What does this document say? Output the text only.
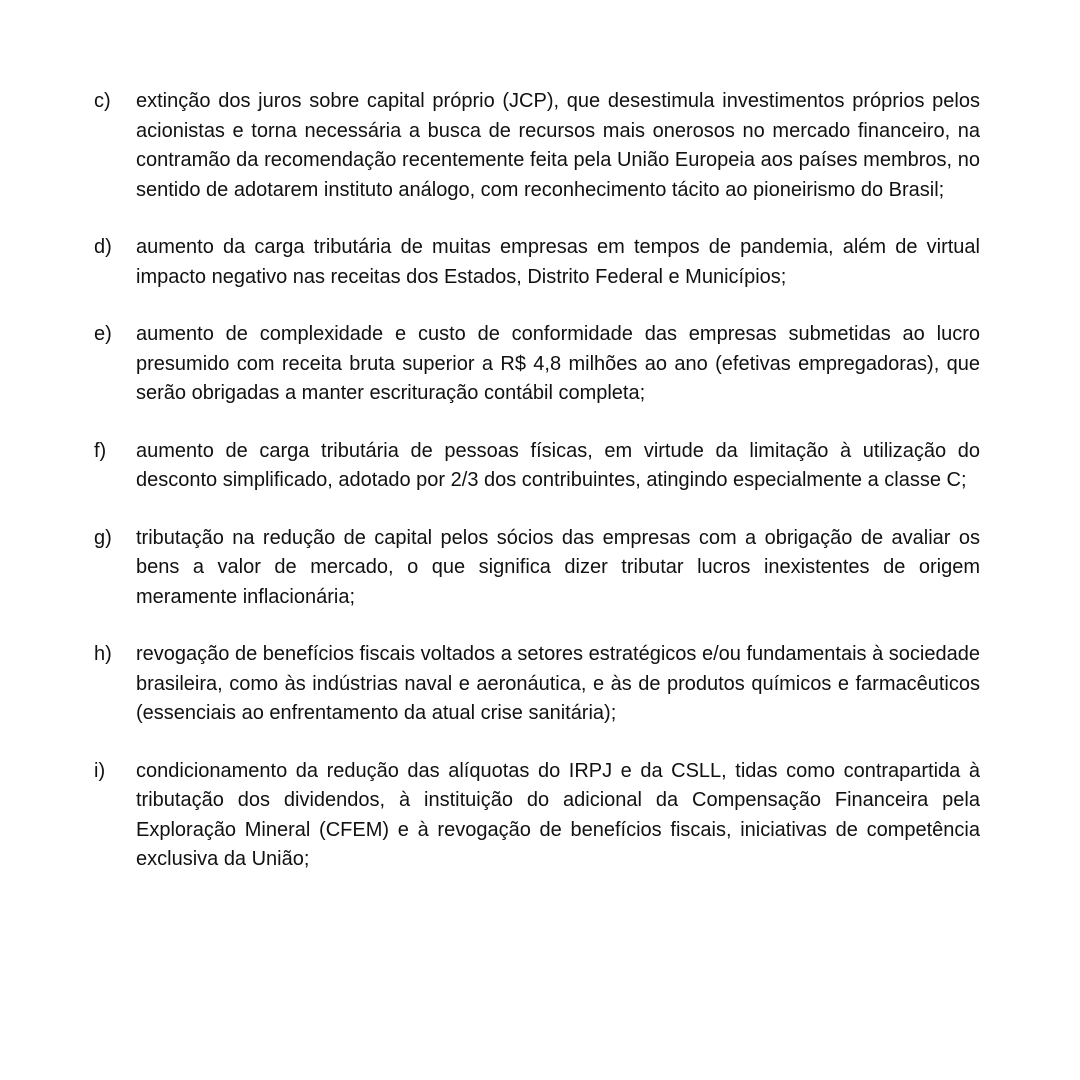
c)	extinção dos juros sobre capital próprio (JCP), que desestimula investimentos próprios pelos acionistas e torna necessária a busca de recursos mais onerosos no mercado financeiro, na contramão da recomendação recentemente feita pela União Europeia aos países membros, no sentido de adotarem instituto análogo, com reconhecimento tácito ao pioneirismo do Brasil;
d)	aumento da carga tributária de muitas empresas em tempos de pandemia, além de virtual impacto negativo nas receitas dos Estados, Distrito Federal e Municípios;
e)	aumento de complexidade e custo de conformidade das empresas submetidas ao lucro presumido com receita bruta superior a R$ 4,8 milhões ao ano (efetivas empregadoras), que serão obrigadas a manter escrituração contábil completa;
f)	aumento de carga tributária de pessoas físicas, em virtude da limitação à utilização do desconto simplificado, adotado por 2/3 dos contribuintes, atingindo especialmente a classe C;
g)	tributação na redução de capital pelos sócios das empresas com a obrigação de avaliar os bens a valor de mercado, o que significa dizer tributar lucros inexistentes de origem meramente inflacionária;
h)	revogação de benefícios fiscais voltados a setores estratégicos e/ou fundamentais à sociedade brasileira, como às indústrias naval e aeronáutica, e às de produtos químicos e farmacêuticos (essenciais ao enfrentamento da atual crise sanitária);
i)	condicionamento da redução das alíquotas do IRPJ e da CSLL, tidas como contrapartida à tributação dos dividendos, à instituição do adicional da Compensação Financeira pela Exploração Mineral (CFEM) e à revogação de benefícios fiscais, iniciativas de competência exclusiva da União;
